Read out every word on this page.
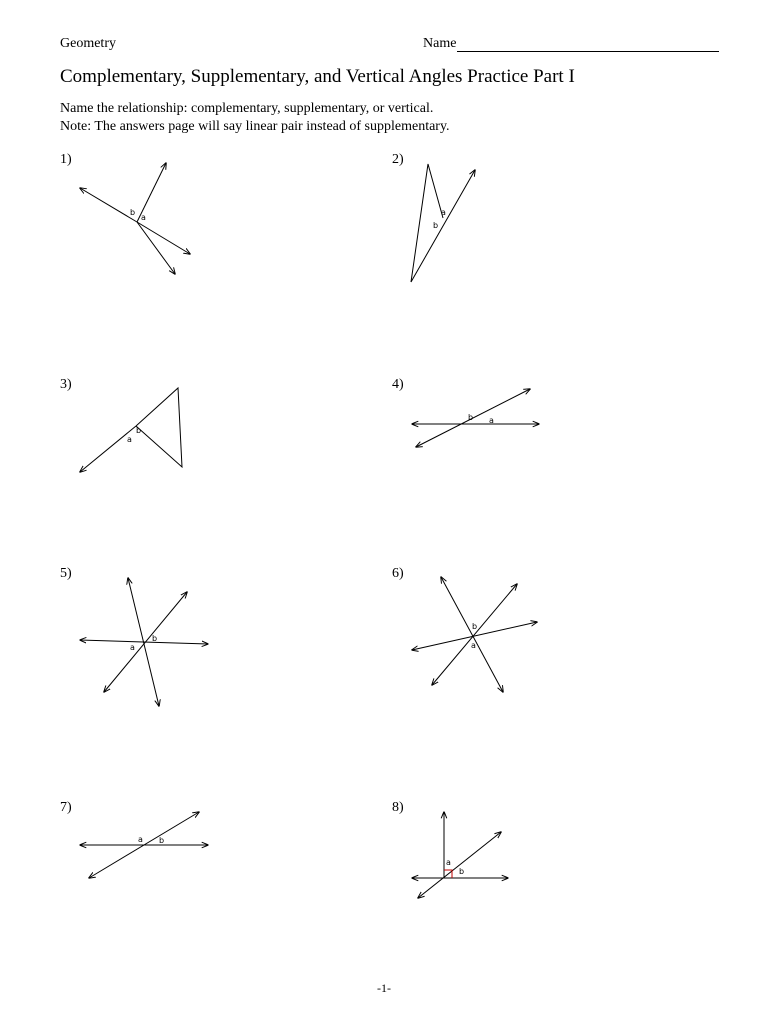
Geometry	Name
Complementary, Supplementary, and Vertical Angles Practice Part I
Name the relationship: complementary, supplementary, or vertical.
Note: The answers page will say linear pair instead of supplementary.
1)	2)
3)	4)
5)	6)
7)	8)
b
a
a
b
b
a
b a
b
a
b
a
a b
a
b
-1-
